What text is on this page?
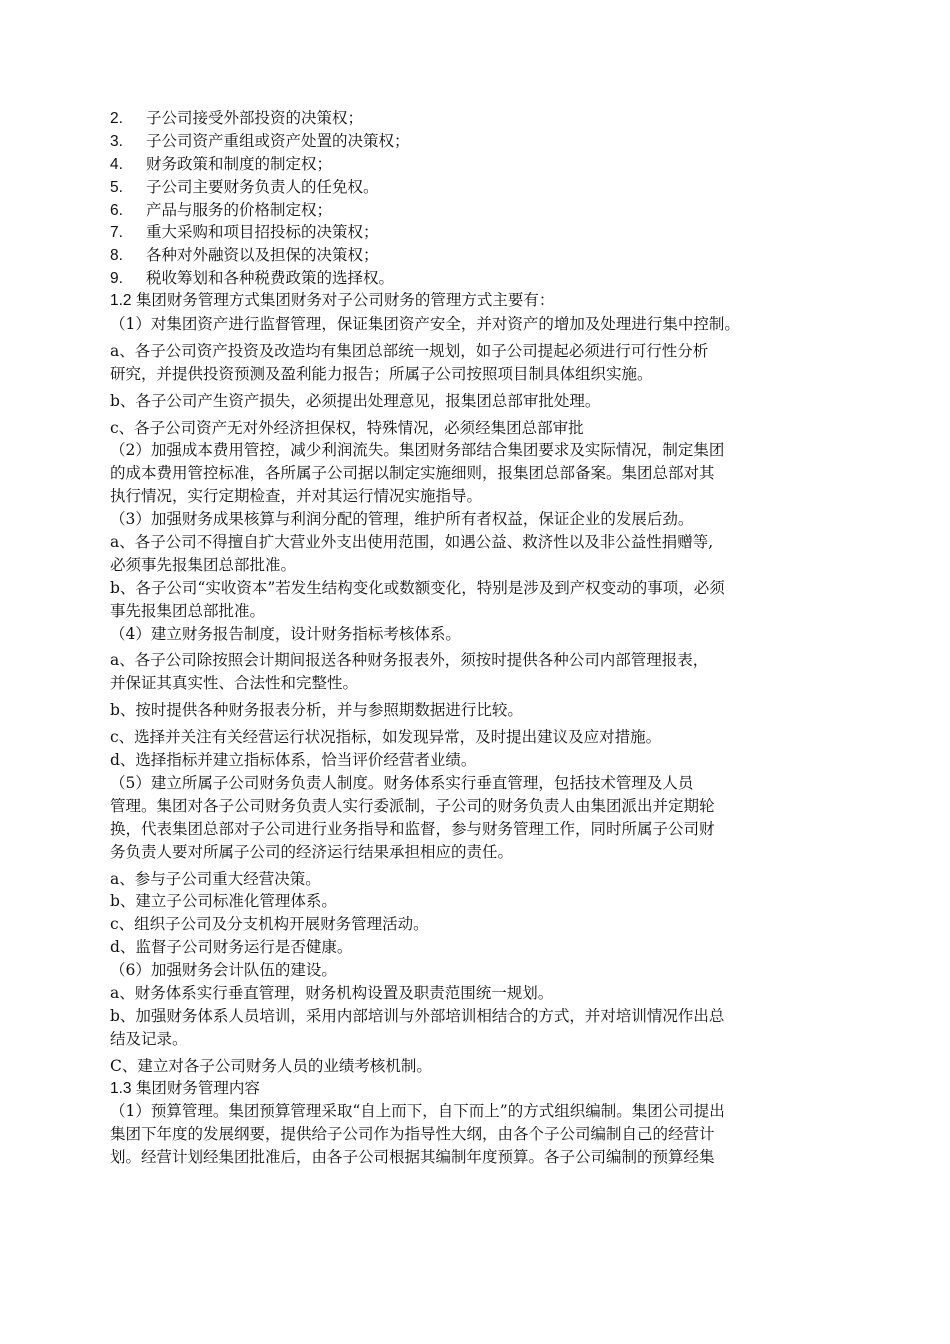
2. 子公司接受外部投资的决策权；
3. 子公司资产重组或资产处置的决策权；
4. 财务政策和制度的制定权；
5. 子公司主要财务负责人的任免权。
6. 产品与服务的价格制定权；
7. 重大采购和项目招投标的决策权；
8. 各种对外融资以及担保的决策权；
9. 税收筹划和各种税费政策的选择权。
1.2 集团财务管理方式集团财务对子公司财务的管理方式主要有：
（1）对集团资产进行监督管理，保证集团资产安全，并对资产的增加及处理进行集中控制。
a、各子公司资产投资及改造均有集团总部统一规划，如子公司提起必须进行可行性分析
研究，并提供投资预测及盈利能力报告；所属子公司按照项目制具体组织实施。
b、各子公司产生资产损失，必须提出处理意见，报集团总部审批处理。
c、各子公司资产无对外经济担保权，特殊情况，必须经集团总部审批
（2）加强成本费用管控，减少利润流失。集团财务部结合集团要求及实际情况，制定集团
的成本费用管控标准，各所属子公司据以制定实施细则，报集团总部备案。集团总部对其
执行情况，实行定期检查，并对其运行情况实施指导。
（3）加强财务成果核算与利润分配的管理，维护所有者权益，保证企业的发展后劲。
a、各子公司不得擅自扩大营业外支出使用范围，如遇公益、救济性以及非公益性捐赠等,
必须事先报集团总部批准。
b、各子公司“实收资本”若发生结构变化或数额变化，特别是涉及到产权变动的事项，必须
事先报集团总部批准。
（4）建立财务报告制度，设计财务指标考核体系。
a、各子公司除按照会计期间报送各种财务报表外，须按时提供各种公司内部管理报表，
并保证其真实性、合法性和完整性。
b、按时提供各种财务报表分析，并与参照期数据进行比较。
c、选择并关注有关经营运行状况指标，如发现异常，及时提出建议及应对措施。
d、选择指标并建立指标体系，恰当评价经营者业绩。
（5）建立所属子公司财务负责人制度。财务体系实行垂直管理，包括技术管理及人员
管理。集团对各子公司财务负责人实行委派制，子公司的财务负责人由集团派出并定期轮
换，代表集团总部对子公司进行业务指导和监督，参与财务管理工作，同时所属子公司财
务负责人要对所属子公司的经济运行结果承担相应的责任。
a、参与子公司重大经营决策。
b、建立子公司标准化管理体系。
c、组织子公司及分支机构开展财务管理活动。
d、监督子公司财务运行是否健康。
（6）加强财务会计队伍的建设。
a、财务体系实行垂直管理，财务机构设置及职责范围统一规划。
b、加强财务体系人员培训，采用内部培训与外部培训相结合的方式，并对培训情况作出总
结及记录。
C、建立对各子公司财务人员的业绩考核机制。
1.3 集团财务管理内容
（1）预算管理。集团预算管理采取“自上而下，自下而上”的方式组织编制。集团公司提出
集团下年度的发展纲要，提供给子公司作为指导性大纲，由各个子公司编制自己的经营计
划。经营计划经集团批准后，由各子公司根据其编制年度预算。各子公司编制的预算经集
